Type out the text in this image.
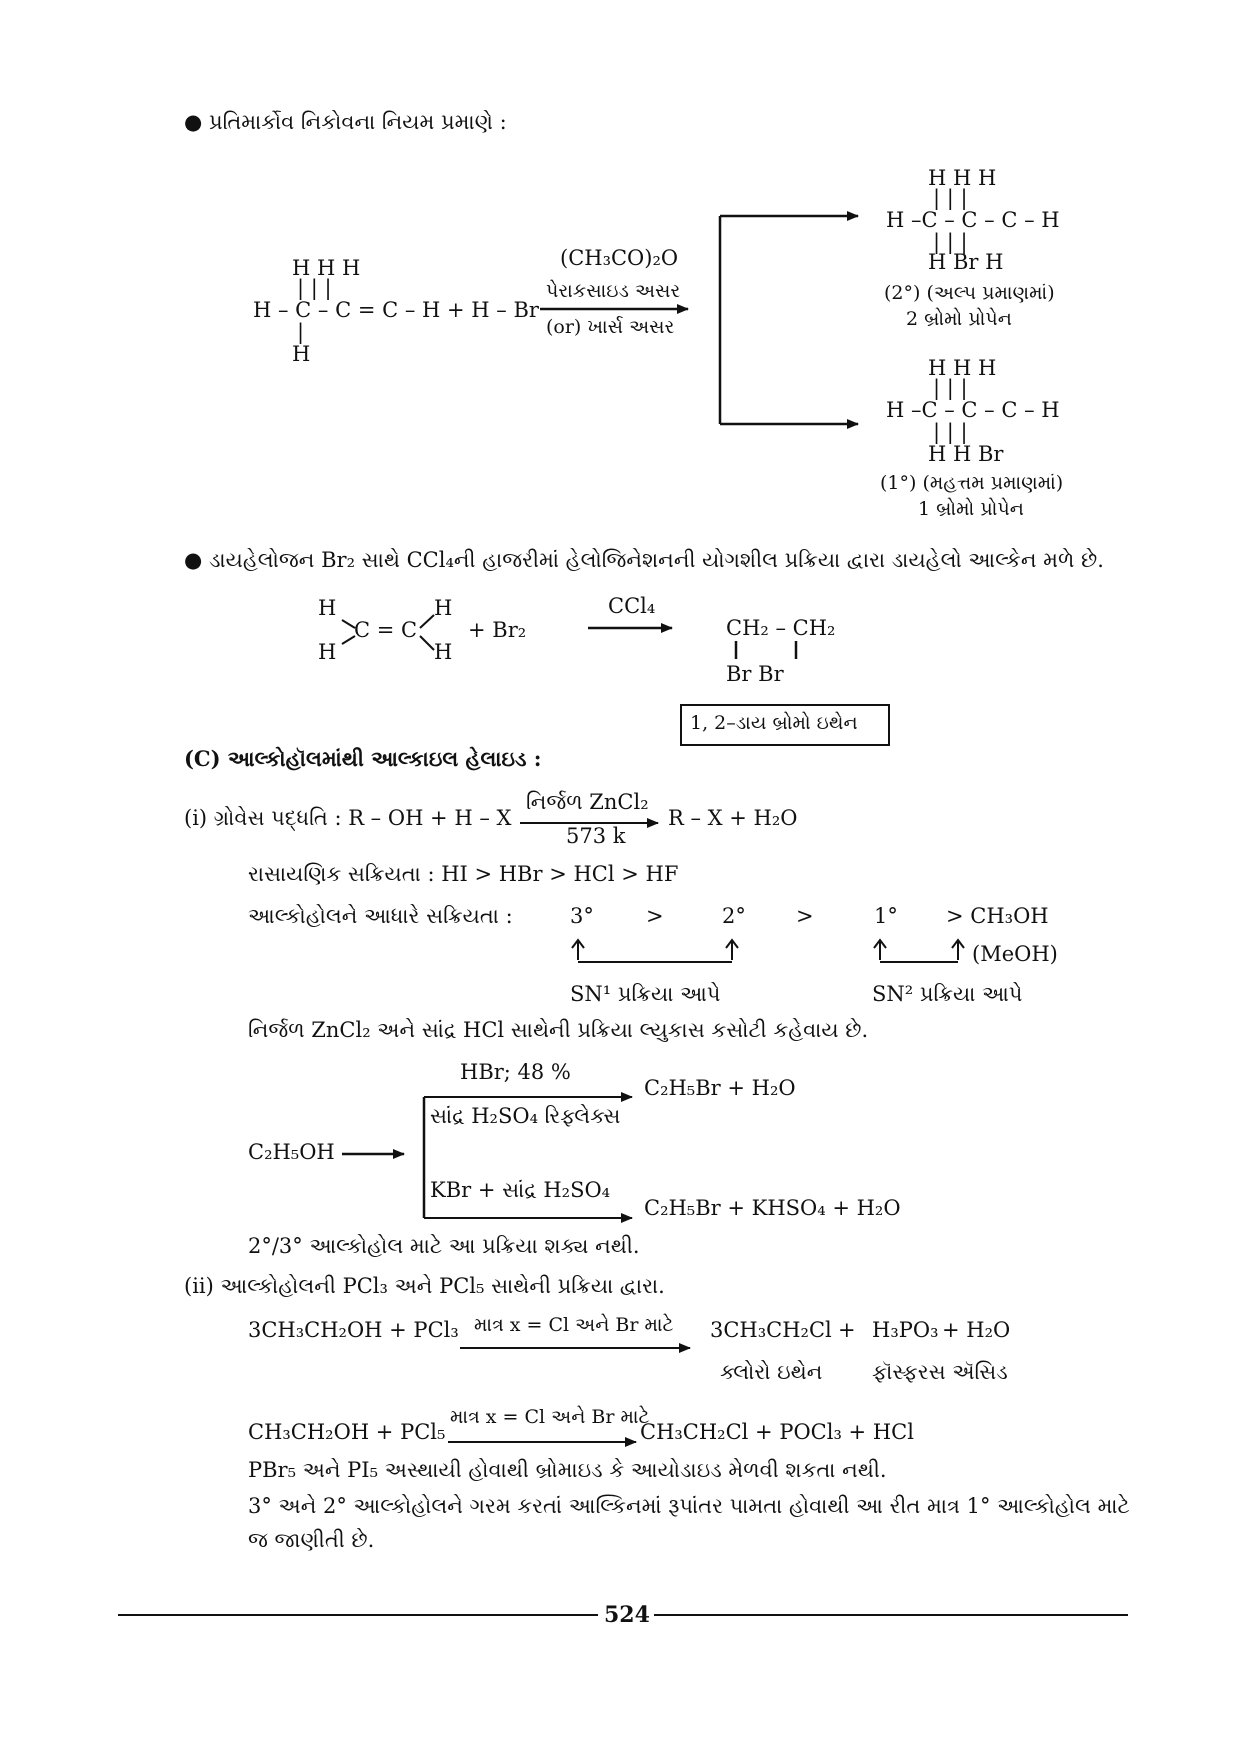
● પ્રતિમાર્કોવ નિકોવના નિયમ પ્રમાણે :
H H H
| | |
H – C – C = C – H + H – Br
|
H
(CH₃CO)₂O
પેરાકસાઇડ અસર
(or) ખાર્સ અસર
H H H
| | |
H –C – C – C – H
| | |
H Br H
(2°) (અલ્પ પ્રમાણમાં)
2 બ્રોમો પ્રોપેન
H H H
| | |
H –C – C – C – H
| | |
H H Br
(1°) (મહત્તમ પ્રમાણમાં)
1 બ્રોમો પ્રોપેન
● ડાયહેલોજન Br₂ સાથે CCl₄ની હાજરીમાં હેલોજિનેશનની યોગશીલ પ્રક્રિયા દ્વારા ડાયહેલો આલ્કેન મળે છે.
H
H
C = C
H
H
+ Br₂
CCl₄
CH₂ – CH₂
Br Br
1, 2–ડાય બ્રોમો ઇથેન
(C) આલ્કોહૉલમાંથી આલ્કાઇલ હેલાઇડ :
(i) ગ્રોવેસ પદ્ધતિ : R – OH + H – X
નિર્જળ ZnCl₂
573 k
R – X + H₂O
રાસાયણિક સક્રિયતા : HI > HBr > HCl > HF
આલ્કોહોલને આધારે સક્રિયતા :	3° >	2° >	1° > CH₃OH
(MeOH)
SN¹ પ્રક્રિયા આપે	SN² પ્રક્રિયા આપે
નિર્જળ ZnCl₂ અને સાંદ્ર HCl સાથેની પ્રક્રિયા લ્યુકાસ કસોટી કહેવાય છે.
HBr; 48 %
C₂H₅Br + H₂O
સાંદ્ર H₂SO₄ રિફ્લેક્સ
C₂H₅OH
KBr + સાંદ્ર H₂SO₄
C₂H₅Br + KHSO₄ + H₂O
2°/3° આલ્કોહોલ માટે આ પ્રક્રિયા શક્ય નથી.
(ii) આલ્કોહોલની PCl₃ અને PCl₅ સાથેની પ્રક્રિયા દ્વારા.
3CH₃CH₂OH + PCl₃ માત્ર x = Cl અને Br માટે 3CH₃CH₂Cl + H₃PO₃ + H₂O
ક્લોરો ઇથેન ફૉસ્ફરસ ઍસિડ
CH₃CH₂OH + PCl₅
માત્ર x = Cl અને Br માટે
CH₃CH₂Cl + POCl₃ + HCl
PBr₅ અને PI₅ અસ્થાયી હોવાથી બ્રોમાઇડ કે આયોડાઇડ મેળવી શકતા નથી.
3° અને 2° આલ્કોહોલને ગરમ કરતાં આલ્કિનમાં રૂપાંતર પામતા હોવાથી આ રીત માત્ર 1° આલ્કોહોલ માટે
જ જાણીતી છે.
524
